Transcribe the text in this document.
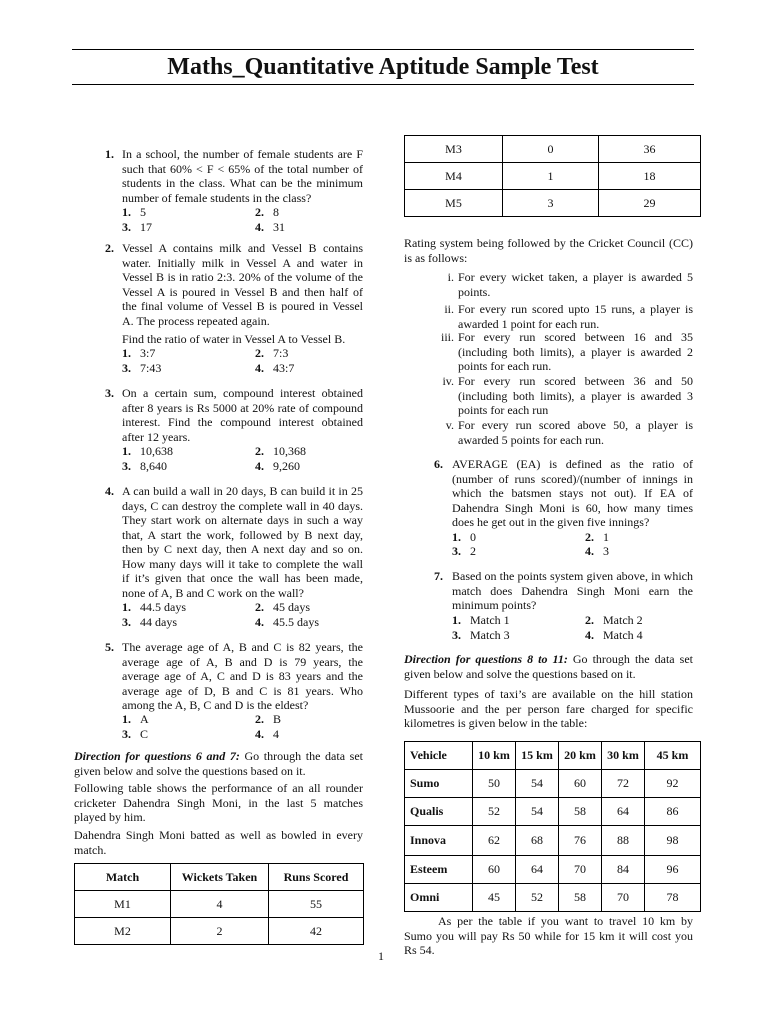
Maths_Quantitative Aptitude Sample Test
1. In a school, the number of female students are F such that 60% < F < 65% of the total number of students in the class. What can be the minimum number of female students in the class?

1. 5	2. 8
3. 17	4. 31
2. Vessel A contains milk and Vessel B contains water. Initially milk in Vessel A and water in Vessel B is in ratio 2:3. 20% of the volume of the Vessel A is poured in Vessel B and then half of the final volume of Vessel B is poured in Vessel A. The process repeated again.

Find the ratio of water in Vessel A to Vessel B.

1. 3:7	2. 7:3
3. 7:43	4. 43:7
3. On a certain sum, compound interest obtained after 8 years is Rs 5000 at 20% rate of compound interest. Find the compound interest obtained after 12 years.

1. 10,638	2. 10,368
3. 8,640	4. 9,260
4. A can build a wall in 20 days, B can build it in 25 days, C can destroy the complete wall in 40 days. They start work on alternate days in such a way that, A start the work, followed by B next day, then by C next day, then A next day and so on. How many days will it take to complete the wall if it’s given that once the wall has been made, none of A, B and C work on the wall?

1. 44.5 days	2. 45 days
3. 44 days	4. 45.5 days
5. The average age of A, B and C is 82 years, the average age of A, B and D is 79 years, the average age of A, C and D is 83 years and the average age of D, B and C is 81 years. Who among the A, B, C and D is the eldest?

1. A	2. B
3. C	4. 4

Direction for questions 6 and 7: Go through the data set given below and solve the questions based on it.

Following table shows the performance of an all rounder cricketer Dahendra Singh Moni, in the last 5 matches played by him.

Dahendra Singh Moni batted as well as bowled in every match.

Match	Wickets Taken	Runs Scored
M1	4	55
M2	2	42
M3	0	36
M4	1	18
M5	3	29

Rating system being followed by the Cricket Council (CC) is as follows:

i. For every wicket taken, a player is awarded 5 points.

ii. For every run scored upto 15 runs, a player is awarded 1 point for each run.

iii. For every run scored between 16 and 35 (including both limits), a player is awarded 2 points for each run.

iv. For every run scored between 36 and 50 (including both limits), a player is awarded 3 points for each run

v. For every run scored above 50, a player is awarded 5 points for each run.

6. AVERAGE (EA) is defined as the ratio of (number of runs scored)/(number of innings in which the batsmen stays not out). If EA of Dahendra Singh Moni is 60, how many times does he get out in the given five innings?

1. 0	2. 1
3. 2	4. 3
7. Based on the points system given above, in which match does Dahendra Singh Moni earn the minimum points?

1. Match 1	2. Match 2
3. Match 3	4. Match 4

Direction for questions 8 to 11: Go through the data set given below and solve the questions based on it.

Different types of taxi’s are available on the hill station Mussoorie and the per person fare charged for specific kilometres is given below in the table:

Vehicle	10 km	15 km	20 km	30 km	45 km
Sumo	50	54	60	72	92
Qualis	52	54	58	64	86
Innova	62	68	76	88	98
Esteem	60	64	70	84	96
Omni	45	52	58	70	78

As per the table if you want to travel 10 km by Sumo you will pay Rs 50 while for 15 km it will cost you Rs 54.

1
